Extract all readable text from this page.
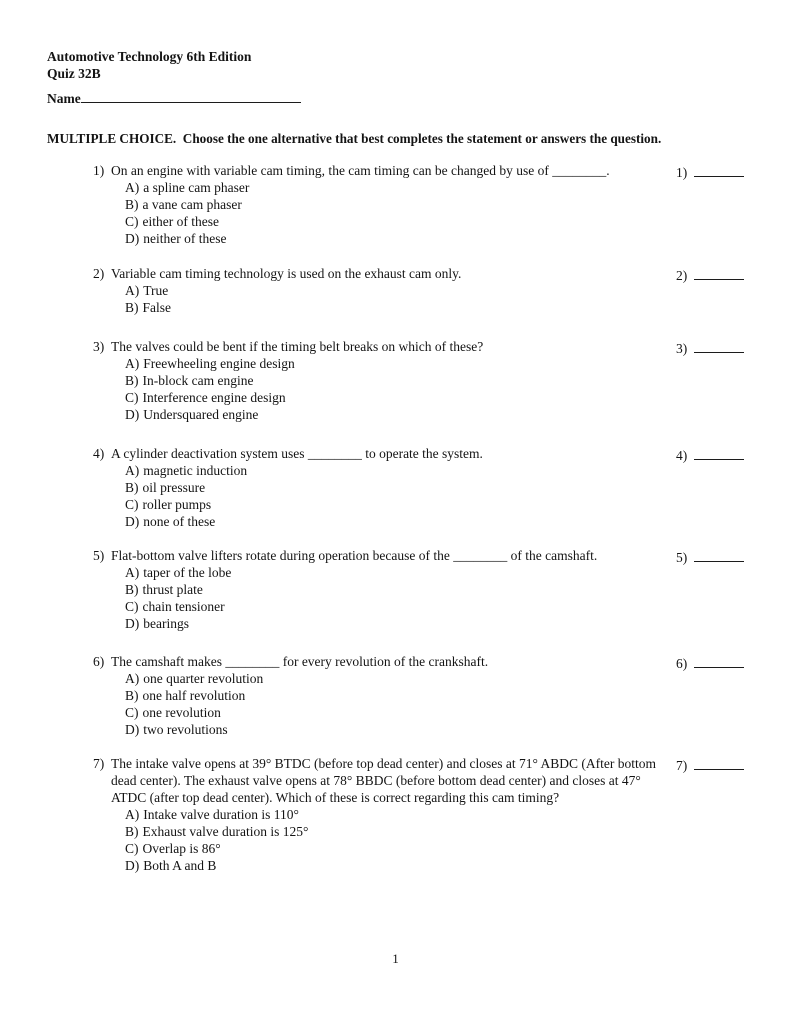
Automotive Technology 6th Edition
Quiz 32B
Name
MULTIPLE CHOICE.  Choose the one alternative that best completes the statement or answers the question.
1) On an engine with variable cam timing, the cam timing can be changed by use of ________.
A) a spline cam phaser
B) a vane cam phaser
C) either of these
D) neither of these
1)
2) Variable cam timing technology is used on the exhaust cam only.
A) True
B) False
2)
3) The valves could be bent if the timing belt breaks on which of these?
A) Freewheeling engine design
B) In-block cam engine
C) Interference engine design
D) Undersquared engine
3)
4) A cylinder deactivation system uses ________ to operate the system.
A) magnetic induction
B) oil pressure
C) roller pumps
D) none of these
4)
5) Flat-bottom valve lifters rotate during operation because of the ________ of the camshaft.
A) taper of the lobe
B) thrust plate
C) chain tensioner
D) bearings
5)
6) The camshaft makes ________ for every revolution of the crankshaft.
A) one quarter revolution
B) one half revolution
C) one revolution
D) two revolutions
6)
7) The intake valve opens at 39° BTDC (before top dead center) and closes at 71° ABDC (After bottom dead center). The exhaust valve opens at 78° BBDC (before bottom dead center) and closes at 47° ATDC (after top dead center). Which of these is correct regarding this cam timing?
A) Intake valve duration is 110°
B) Exhaust valve duration is 125°
C) Overlap is 86°
D) Both A and B
7)
1
